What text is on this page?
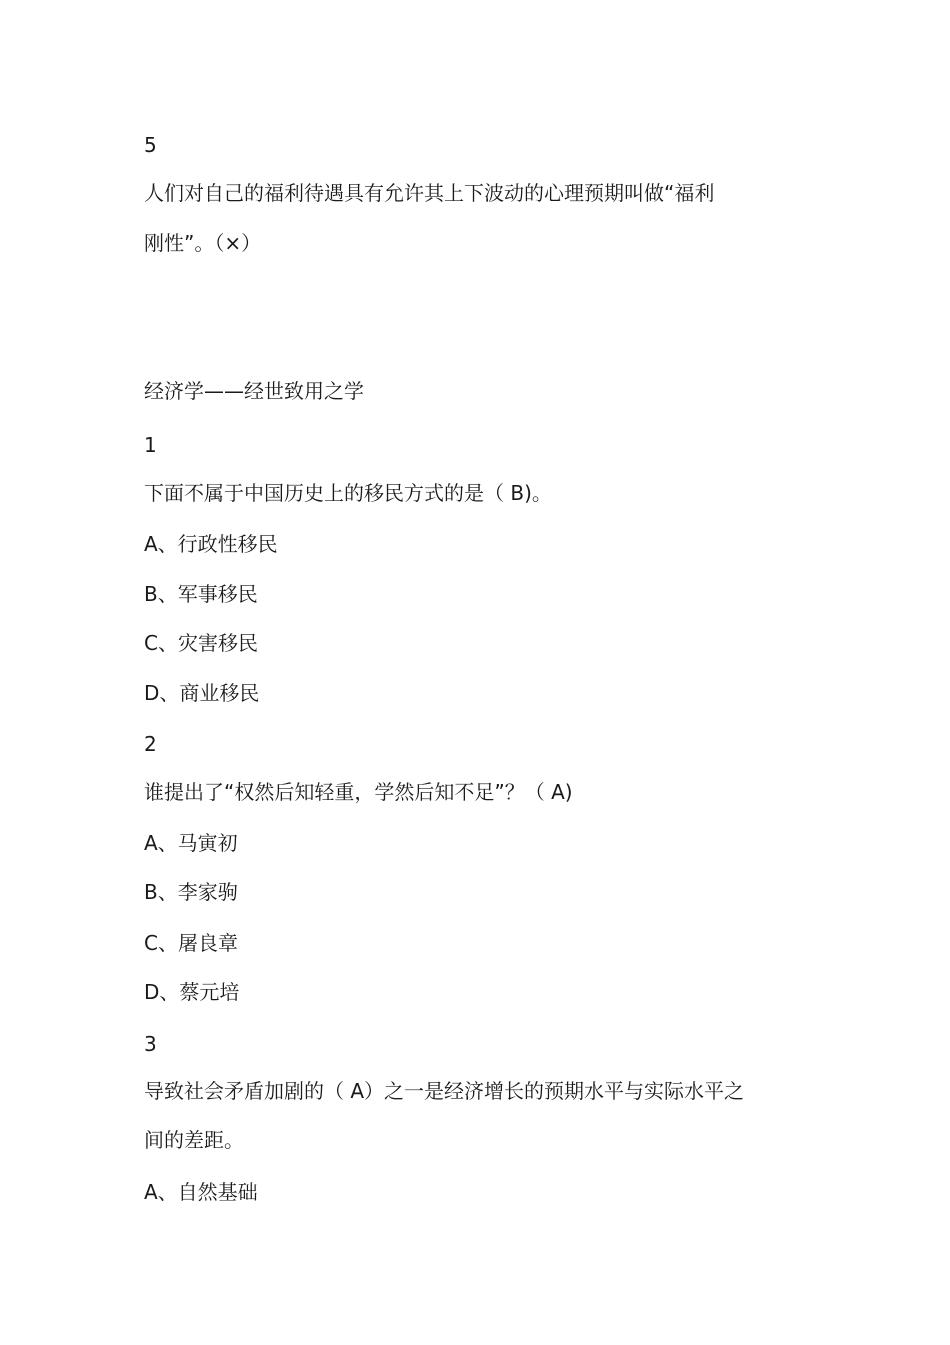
5
人们对自己的福利待遇具有允许其上下波动的心理预期叫做“福利
刚性”。（×）
经济学——经世致用之学
1
下面不属于中国历史上的移民方式的是（ B)。
A、行政性移民
B、军事移民
C、灾害移民
D、商业移民
2
谁提出了“权然后知轻重，学然后知不足”？（ A)
A、马寅初
B、李家驹
C、屠良章
D、蔡元培
3
导致社会矛盾加剧的（ A）之一是经济增长的预期水平与实际水平之
间的差距。
A、自然基础
